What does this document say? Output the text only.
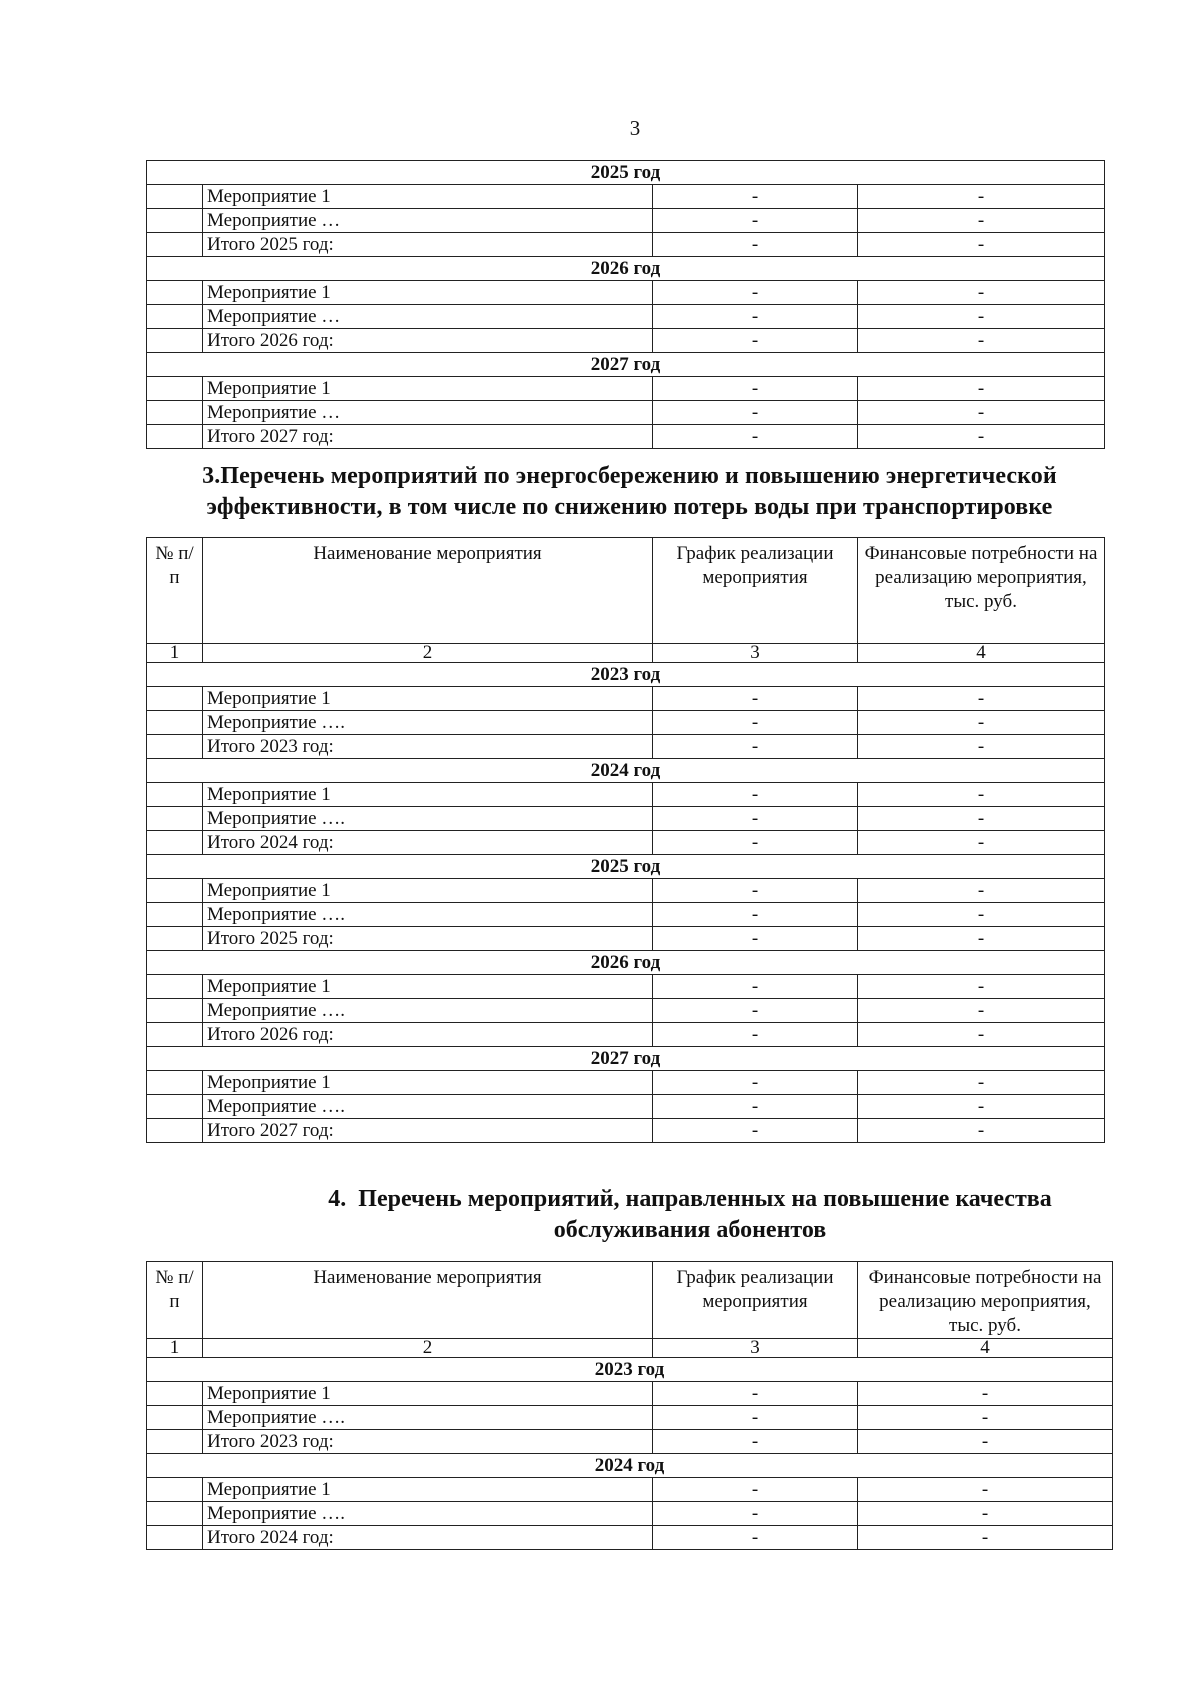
3
2025 год			
	Мероприятие 1	-	-
	Мероприятие …	-	-
	Итого 2025 год:	-	-
2026 год			
	Мероприятие 1	-	-
	Мероприятие …	-	-
	Итого 2026 год:	-	-
2027 год			
	Мероприятие 1	-	-
	Мероприятие …	-	-
	Итого 2027 год:	-	-
3.Перечень мероприятий по энергосбережению и повышению энергетической
эффективности, в том числе по снижению потерь воды при транспортировке
№ п/п	Наименование мероприятия	График реализации мероприятия	Финансовые потребности на реализацию мероприятия, тыс. руб.
1	2	3	4
2023 год			
	Мероприятие 1	-	-
	Мероприятие ….	-	-
	Итого 2023 год:	-	-
2024 год			
	Мероприятие 1	-	-
	Мероприятие ….	-	-
	Итого 2024 год:	-	-
2025 год			
	Мероприятие 1	-	-
	Мероприятие ….	-	-
	Итого 2025 год:	-	-
2026 год			
	Мероприятие 1	-	-
	Мероприятие ….	-	-
	Итого 2026 год:	-	-
2027 год			
	Мероприятие 1	-	-
	Мероприятие ….	-	-
	Итого 2027 год:	-	-
4.  Перечень мероприятий, направленных на повышение качества
обслуживания абонентов
№ п/п	Наименование мероприятия	График реализации мероприятия	Финансовые потребности на реализацию мероприятия, тыс. руб.
1	2	3	4
2023 год			
	Мероприятие 1	-	-
	Мероприятие ….	-	-
	Итого 2023 год:	-	-
2024 год			
	Мероприятие 1	-	-
	Мероприятие ….	-	-
	Итого 2024 год:	-	-
